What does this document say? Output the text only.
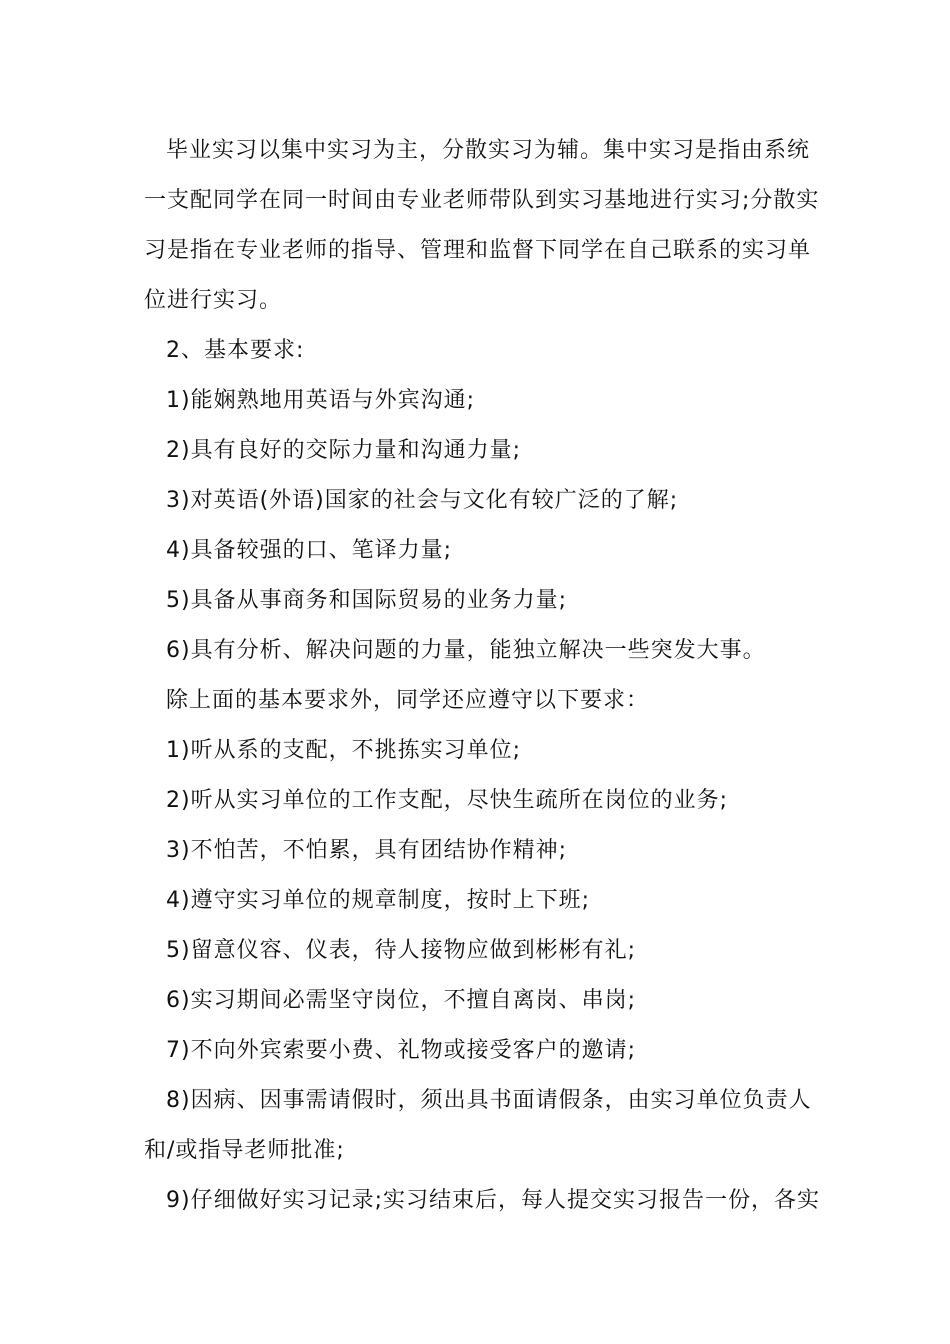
毕业实习以集中实习为主，分散实习为辅。集中实习是指由系统
一支配同学在同一时间由专业老师带队到实习基地进行实习;分散实
习是指在专业老师的指导、管理和监督下同学在自己联系的实习单
位进行实习。
2、基本要求:
1)能娴熟地用英语与外宾沟通;
2)具有良好的交际力量和沟通力量;
3)对英语(外语)国家的社会与文化有较广泛的了解;
4)具备较强的口、笔译力量;
5)具备从事商务和国际贸易的业务力量;
6)具有分析、解决问题的力量，能独立解决一些突发大事。
除上面的基本要求外，同学还应遵守以下要求：
1)听从系的支配，不挑拣实习单位;
2)听从实习单位的工作支配，尽快生疏所在岗位的业务;
3)不怕苦，不怕累，具有团结协作精神;
4)遵守实习单位的规章制度，按时上下班;
5)留意仪容、仪表，待人接物应做到彬彬有礼;
6)实习期间必需坚守岗位，不擅自离岗、串岗;
7)不向外宾索要小费、礼物或接受客户的邀请;
8)因病、因事需请假时，须出具书面请假条，由实习单位负责人
和/或指导老师批准;
9)仔细做好实习记录;实习结束后，每人提交实习报告一份，各实
